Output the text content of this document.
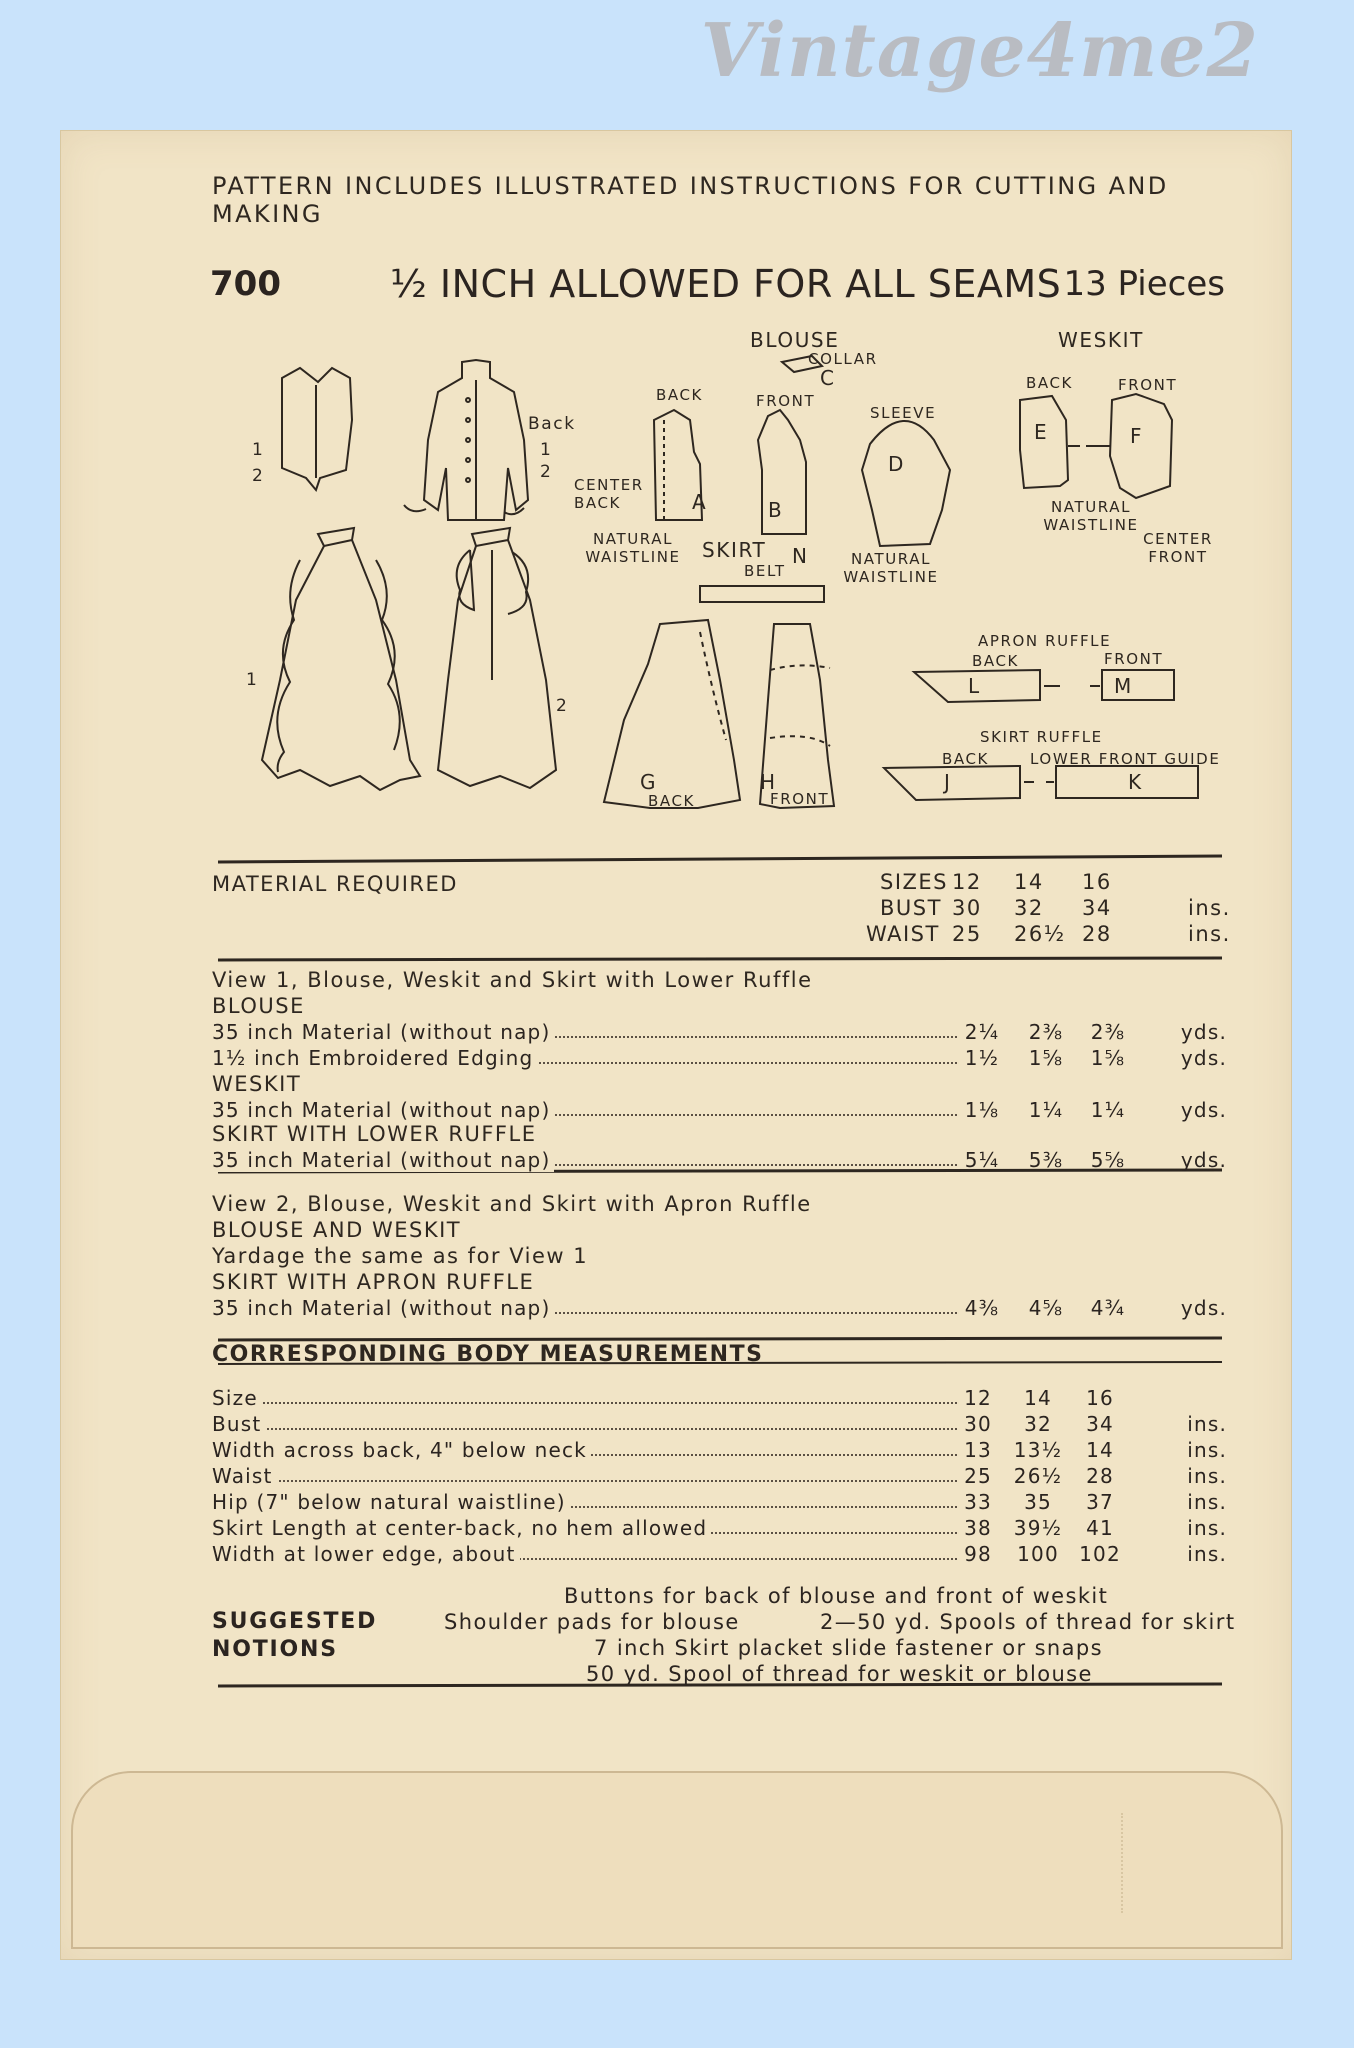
Vintage4me2
PATTERN INCLUDES ILLUSTRATED INSTRUCTIONS FOR CUTTING AND MAKING
700	½ INCH ALLOWED FOR ALL SEAMS 13 Pieces
BLOUSE
COLLAR
C
BACK	FRONT
SLEEVE
CENTER BACK	A	B
D
NATURAL WAISTLINE	NATURAL WAISTLINE
SKIRT
BELT
N
G
BACK
H
FRONT
WESKIT
BACK	FRONT
E	F
NATURAL WAISTLINE
CENTER FRONT
APRON RUFFLE
BACK	FRONT
L	M
SKIRT RUFFLE
BACK	LOWER FRONT GUIDE
J	K
Back
1
2
1
2
1
2
MATERIAL REQUIRED	SIZES 12 14 16
BUST 30 32 34	ins.
WAIST 25 26½ 28	ins.
View 1, Blouse, Weskit and Skirt with Lower Ruffle
BLOUSE
35 inch Material (without nap)	2¼	2⅜	2⅜	yds.
1½ inch Embroidered Edging	1½	1⅝	1⅝	yds.
WESKIT
35 inch Material (without nap)	1⅛	1¼	1¼	yds.
SKIRT WITH LOWER RUFFLE
35 inch Material (without nap)	5¼	5⅜	5⅝	yds.
View 2, Blouse, Weskit and Skirt with Apron Ruffle
BLOUSE AND WESKIT
Yardage the same as for View 1
SKIRT WITH APRON RUFFLE
35 inch Material (without nap)	4⅜	4⅝	4¾	yds.
CORRESPONDING BODY MEASUREMENTS
Size	12	14	16
Bust	30	32	34	ins.
Width across back, 4" below neck	13	13½	14	ins.
Waist	25	26½	28	ins.
Hip (7" below natural waistline)	33	35	37	ins.
Skirt Length at center-back, no hem allowed	38	39½	41	ins.
Width at lower edge, about	98	100	102	ins.
SUGGESTED
NOTIONS
Buttons for back of blouse and front of weskit
Shoulder pads for blouse	2—50 yd. Spools of thread for skirt
7 inch Skirt placket slide fastener or snaps
50 yd. Spool of thread for weskit or blouse
